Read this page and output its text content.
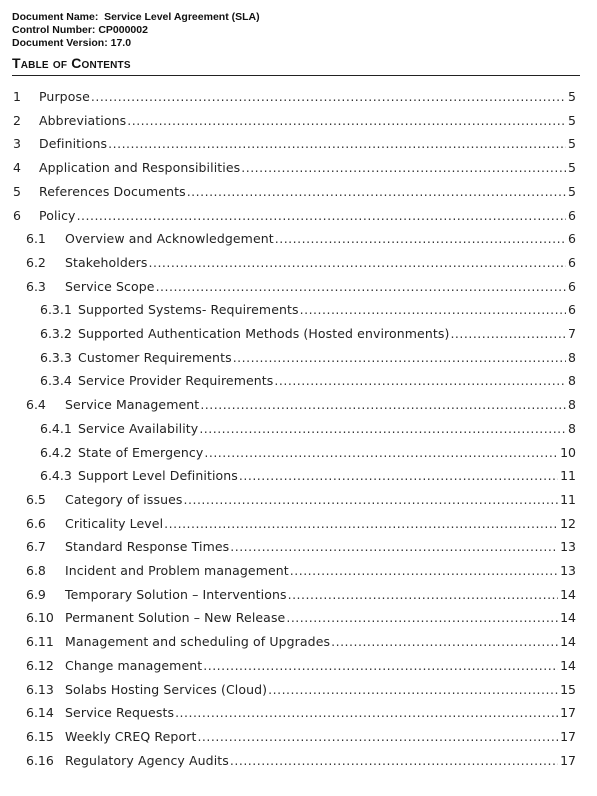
Document Name:  Service Level Agreement (SLA)
Control Number: CP000002
Document Version: 17.0
Table of Contents
1	Purpose .....	5
2	Abbreviations .....	5
3	Definitions .....	5
4	Application and Responsibilities .....	5
5	References Documents .....	5
6	Policy .....	6
6.1	Overview and Acknowledgement .....	6
6.2	Stakeholders .....	6
6.3	Service Scope .....	6
6.3.1 Supported Systems- Requirements .....	6
6.3.2 Supported Authentication Methods (Hosted environments) .....	7
6.3.3 Customer Requirements .....	8
6.3.4 Service Provider Requirements .....	8
6.4	Service Management .....	8
6.4.1 Service Availability .....	8
6.4.2 State of Emergency .....	10
6.4.3 Support Level Definitions .....	11
6.5	Category of issues .....	11
6.6	Criticality Level .....	12
6.7	Standard Response Times .....	13
6.8	Incident and Problem management .....	13
6.9	Temporary Solution – Interventions .....	14
6.10 Permanent Solution – New Release .....	14
6.11 Management and scheduling of Upgrades .....	14
6.12 Change management .....	14
6.13 Solabs Hosting Services (Cloud) .....	15
6.14 Service Requests .....	17
6.15 Weekly CREQ Report .....	17
6.16 Regulatory Agency Audits .....	17
